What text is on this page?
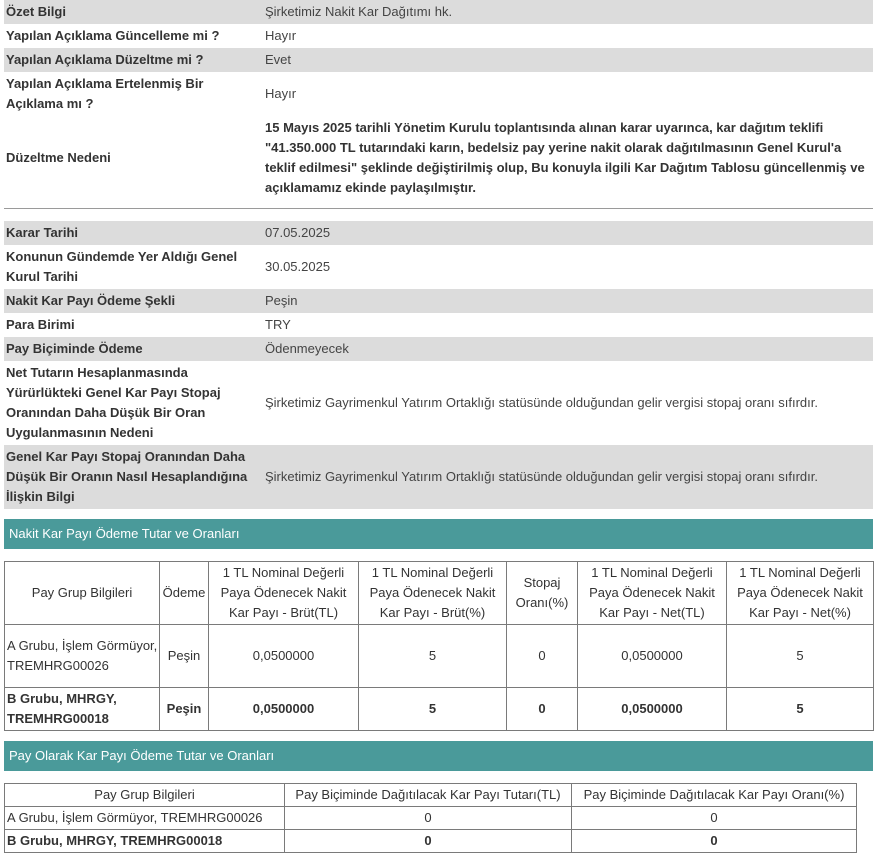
Özet Bilgi	Şirketimiz Nakit Kar Dağıtımı hk.
Yapılan Açıklama Güncelleme mi ?	Hayır
Yapılan Açıklama Düzeltme mi ?	Evet
Yapılan Açıklama Ertelenmiş Bir Açıklama mı ?	Hayır
Düzeltme Nedeni	15 Mayıs 2025 tarihli Yönetim Kurulu toplantısında alınan karar uyarınca, kar dağıtım teklifi "41.350.000 TL tutarındaki karın, bedelsiz pay yerine nakit olarak dağıtılmasının Genel Kurul'a teklif edilmesi" şeklinde değiştirilmiş olup, Bu konuyla ilgili Kar Dağıtım Tablosu güncellenmiş ve açıklamamız ekinde paylaşılmıştır.
Karar Tarihi	07.05.2025
Konunun Gündemde Yer Aldığı Genel Kurul Tarihi	30.05.2025
Nakit Kar Payı Ödeme Şekli	Peşin
Para Birimi	TRY
Pay Biçiminde Ödeme	Ödenmeyecek
Net Tutarın Hesaplanmasında Yürürlükteki Genel Kar Payı Stopaj Oranından Daha Düşük Bir Oran Uygulanmasının Nedeni	Şirketimiz Gayrimenkul Yatırım Ortaklığı statüsünde olduğundan gelir vergisi stopaj oranı sıfırdır.
Genel Kar Payı Stopaj Oranından Daha Düşük Bir Oranın Nasıl Hesaplandığına İlişkin Bilgi	Şirketimiz Gayrimenkul Yatırım Ortaklığı statüsünde olduğundan gelir vergisi stopaj oranı sıfırdır.
Nakit Kar Payı Ödeme Tutar ve Oranları
Pay Grup Bilgileri	Ödeme	1 TL Nominal Değerli Paya Ödenecek Nakit Kar Payı - Brüt(TL)	1 TL Nominal Değerli Paya Ödenecek Nakit Kar Payı - Brüt(%)	Stopaj Oranı(%)	1 TL Nominal Değerli Paya Ödenecek Nakit Kar Payı - Net(TL)	1 TL Nominal Değerli Paya Ödenecek Nakit Kar Payı - Net(%)
A Grubu, İşlem Görmüyor, TREMHRG00026	Peşin	0,0500000	5	0	0,0500000	5
B Grubu, MHRGY, TREMHRG00018	Peşin	0,0500000	5	0	0,0500000	5
Pay Olarak Kar Payı Ödeme Tutar ve Oranları
Pay Grup Bilgileri	Pay Biçiminde Dağıtılacak Kar Payı Tutarı(TL)	Pay Biçiminde Dağıtılacak Kar Payı Oranı(%)
A Grubu, İşlem Görmüyor, TREMHRG00026	0	0
B Grubu, MHRGY, TREMHRG00018	0	0
